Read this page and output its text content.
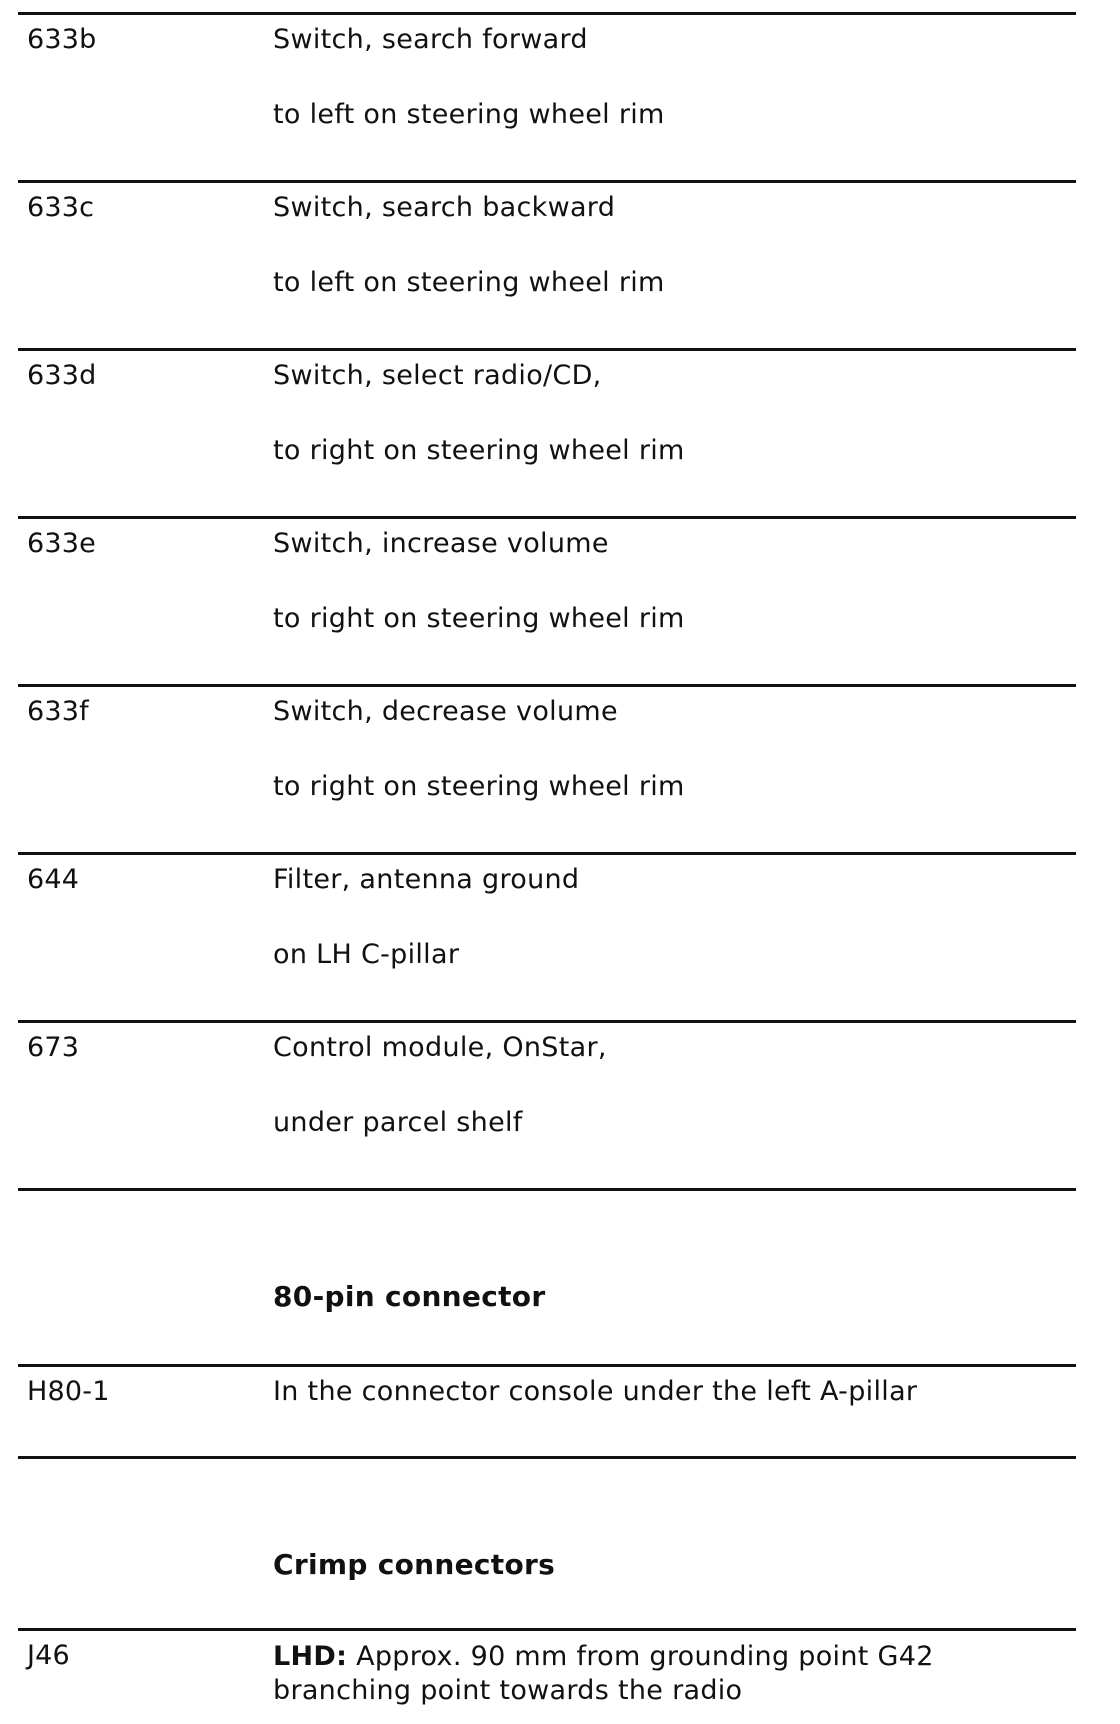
633b	Switch, search forward
to left on steering wheel rim
633c	Switch, search backward
to left on steering wheel rim
633d	Switch, select radio/CD,
to right on steering wheel rim
633e	Switch, increase volume
to right on steering wheel rim
633f	Switch, decrease volume
to right on steering wheel rim
644	Filter, antenna ground
on LH C-pillar
673	Control module, OnStar,
under parcel shelf
80-pin connector
H80-1	In the connector console under the left A-pillar
Crimp connectors
J46	LHD: Approx. 90 mm from grounding point G42
branching point towards the radio
